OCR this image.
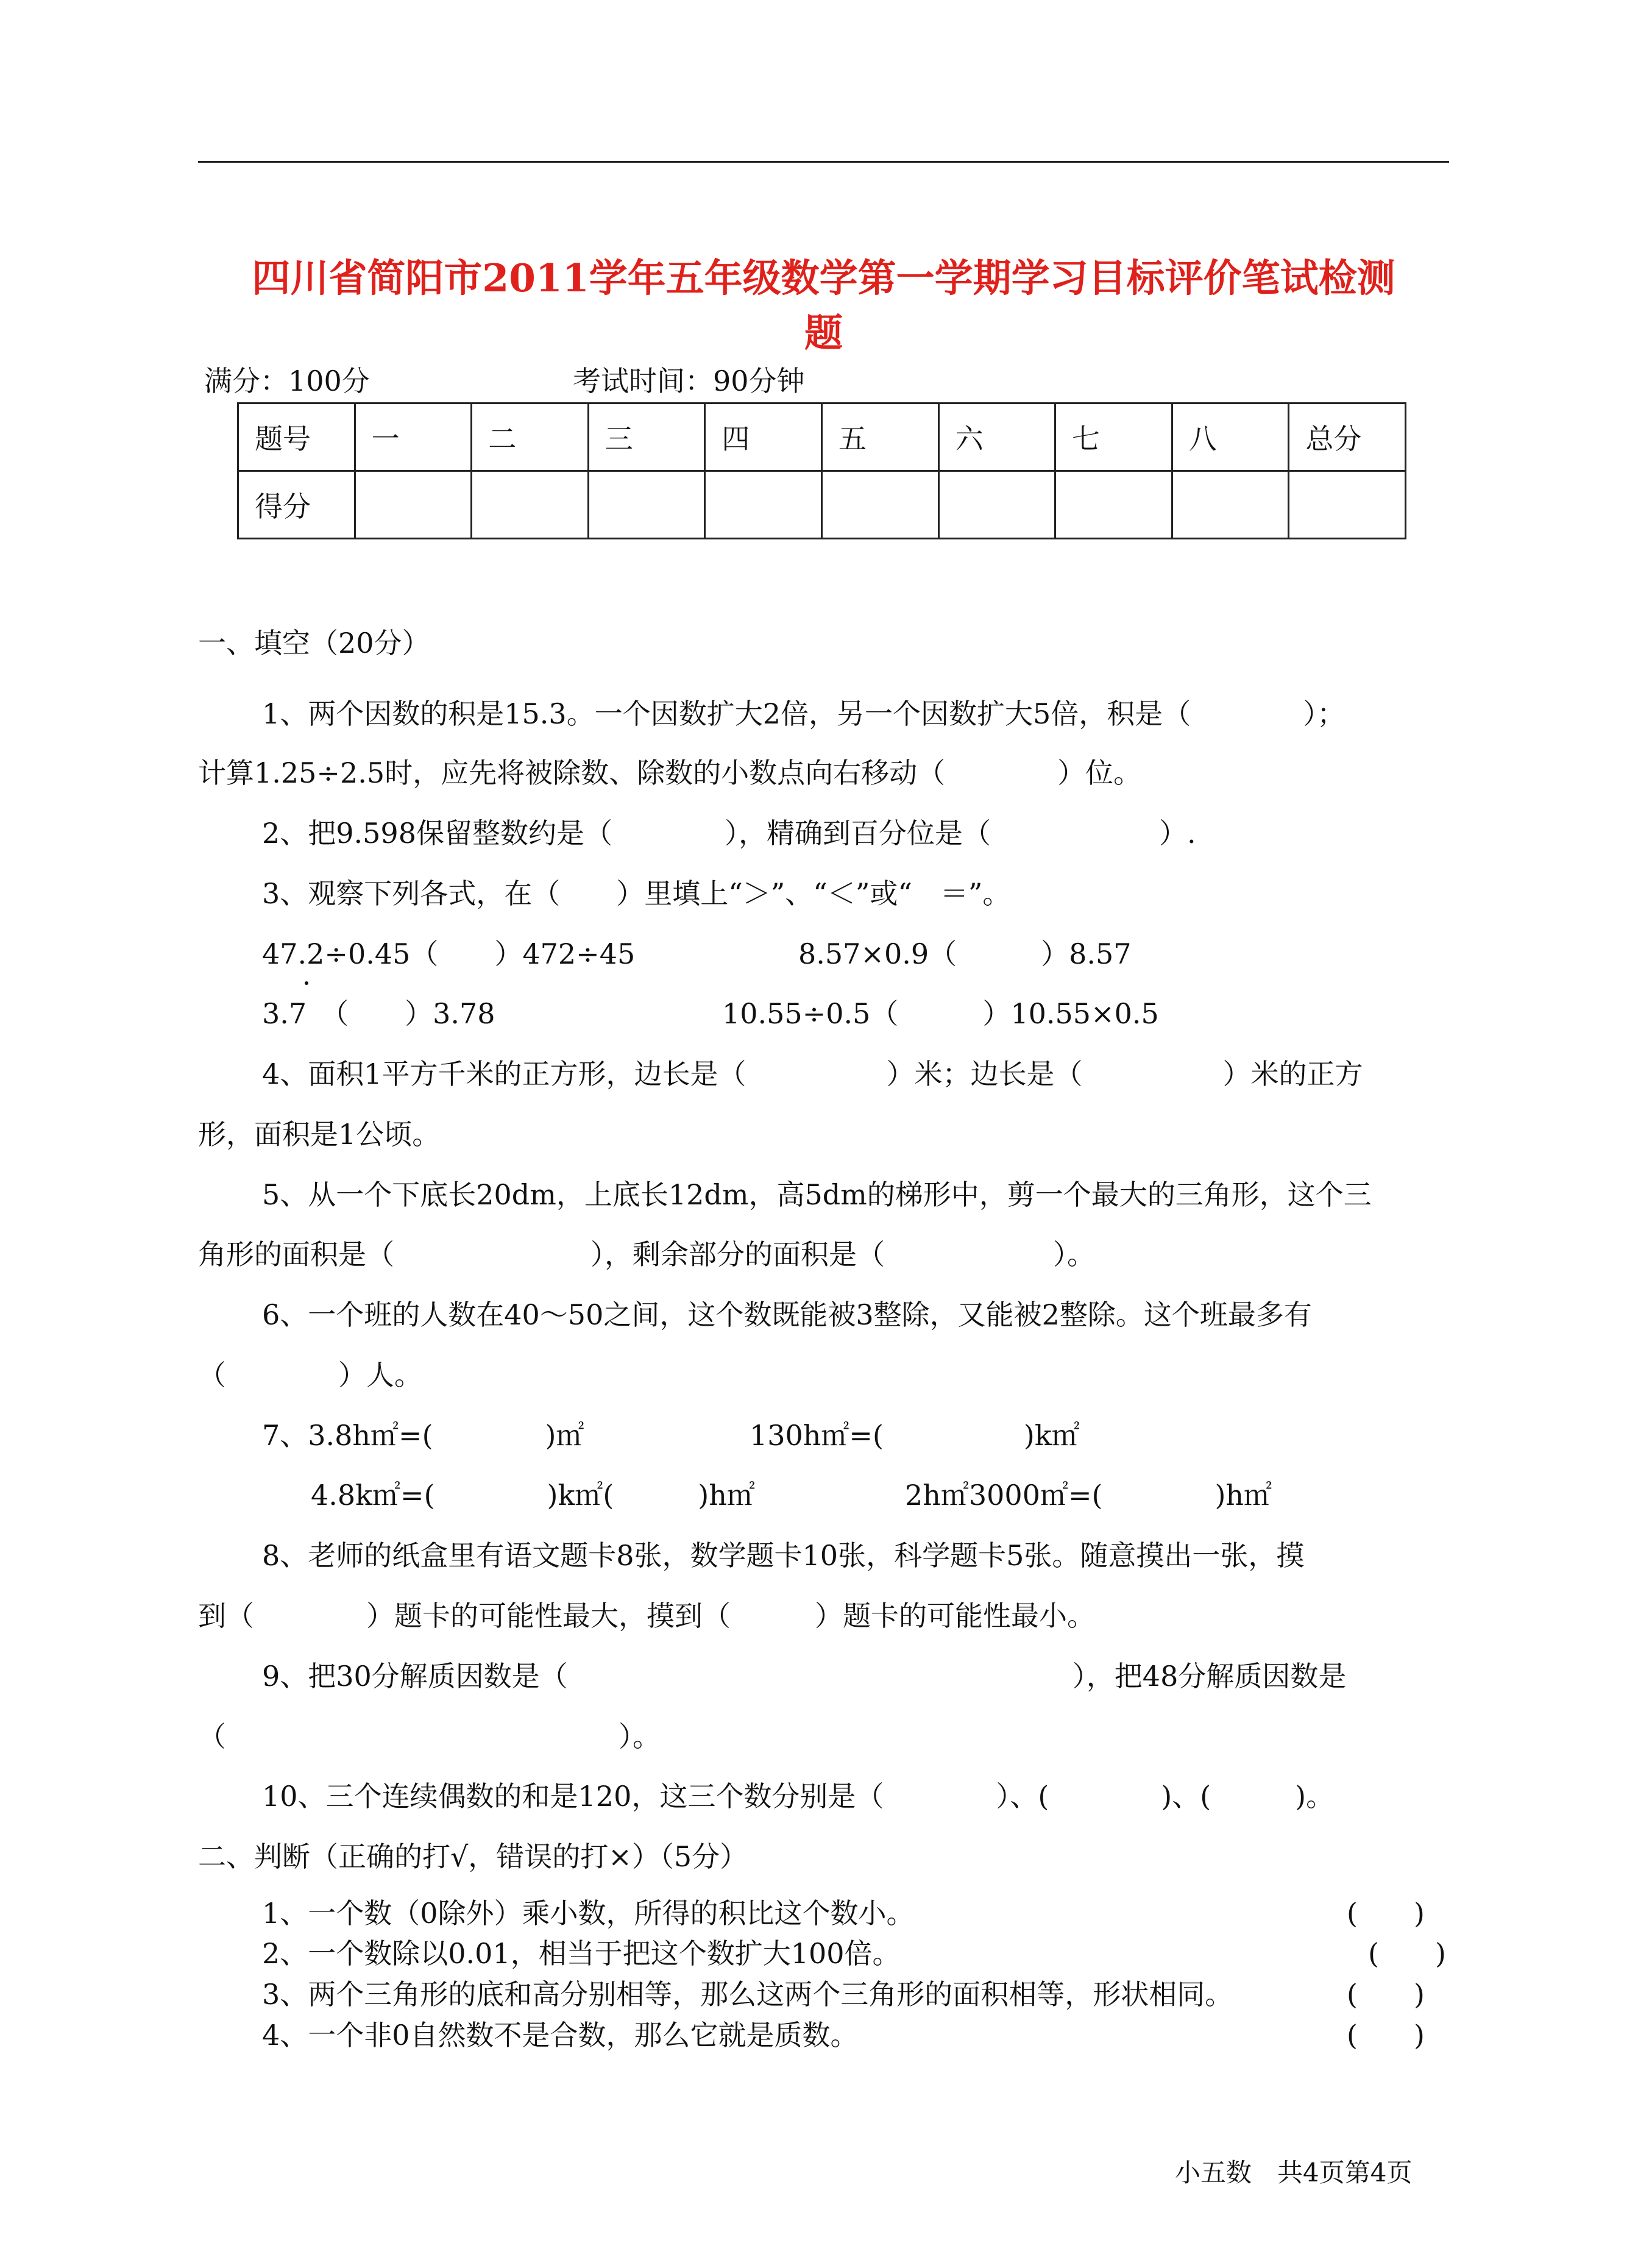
四川省简阳市2011学年五年级数学第一学期学习目标评价笔试检测
题
满分：100分	考试时间：90分钟
题号	一	二	三	四	五	六	七	八	总分
得分									
一、填空（20分）
1、两个因数的积是15.3。一个因数扩大2倍，另一个因数扩大5倍，积是（　　　　）；
计算1.25÷2.5时，应先将被除数、除数的小数点向右移动（　　　　）位。
2、把9.598保留整数约是（　　　　），精确到百分位是（　　　　　　）.
3、观察下列各式，在（　　）里填上“＞”、“＜”或“　＝”。
47.2÷0.45（　　）472÷45	8.57×0.9（　　　）8.57
3.7　（　　）3.78	10.55÷0.5（　　　）10.55×0.5
4、面积1平方千米的正方形，边长是（　　　　　）米；边长是（　　　　　）米的正方
形，面积是1公顷。
5、从一个下底长20dm，上底长12dm，高5dm的梯形中，剪一个最大的三角形，这个三
角形的面积是（　　　　　　　），剩余部分的面积是（　　　　　　）。
6、一个班的人数在40～50之间，这个数既能被3整除，又能被2整除。这个班最多有
（　　　　）人。
7、3.8h㎡=(　　　　)㎡	130h㎡=(　　　　　)k㎡
4.8k㎡=(　　　　)k㎡(　　　)h㎡	2h㎡3000㎡=(　　　　)h㎡
8、老师的纸盒里有语文题卡8张，数学题卡10张，科学题卡5张。随意摸出一张，摸
到（　　　　）题卡的可能性最大，摸到（　　　）题卡的可能性最小。
9、把30分解质因数是（　　　　　　　　　　　　　　　　　　），把48分解质因数是
（　　　　　　　　　　　　　　）。
10、三个连续偶数的和是120，这三个数分别是（　　　　）、(　　　　)、(　　　)。
二、判断（正确的打√，错误的打×）（5分）
1、一个数（0除外）乘小数，所得的积比这个数小。	(　　)
2、一个数除以0.01，相当于把这个数扩大100倍。	(　　)
3、两个三角形的底和高分别相等，那么这两个三角形的面积相等，形状相同。	(　　)
4、一个非0自然数不是合数，那么它就是质数。	(　　)
小五数　共4页第4页
